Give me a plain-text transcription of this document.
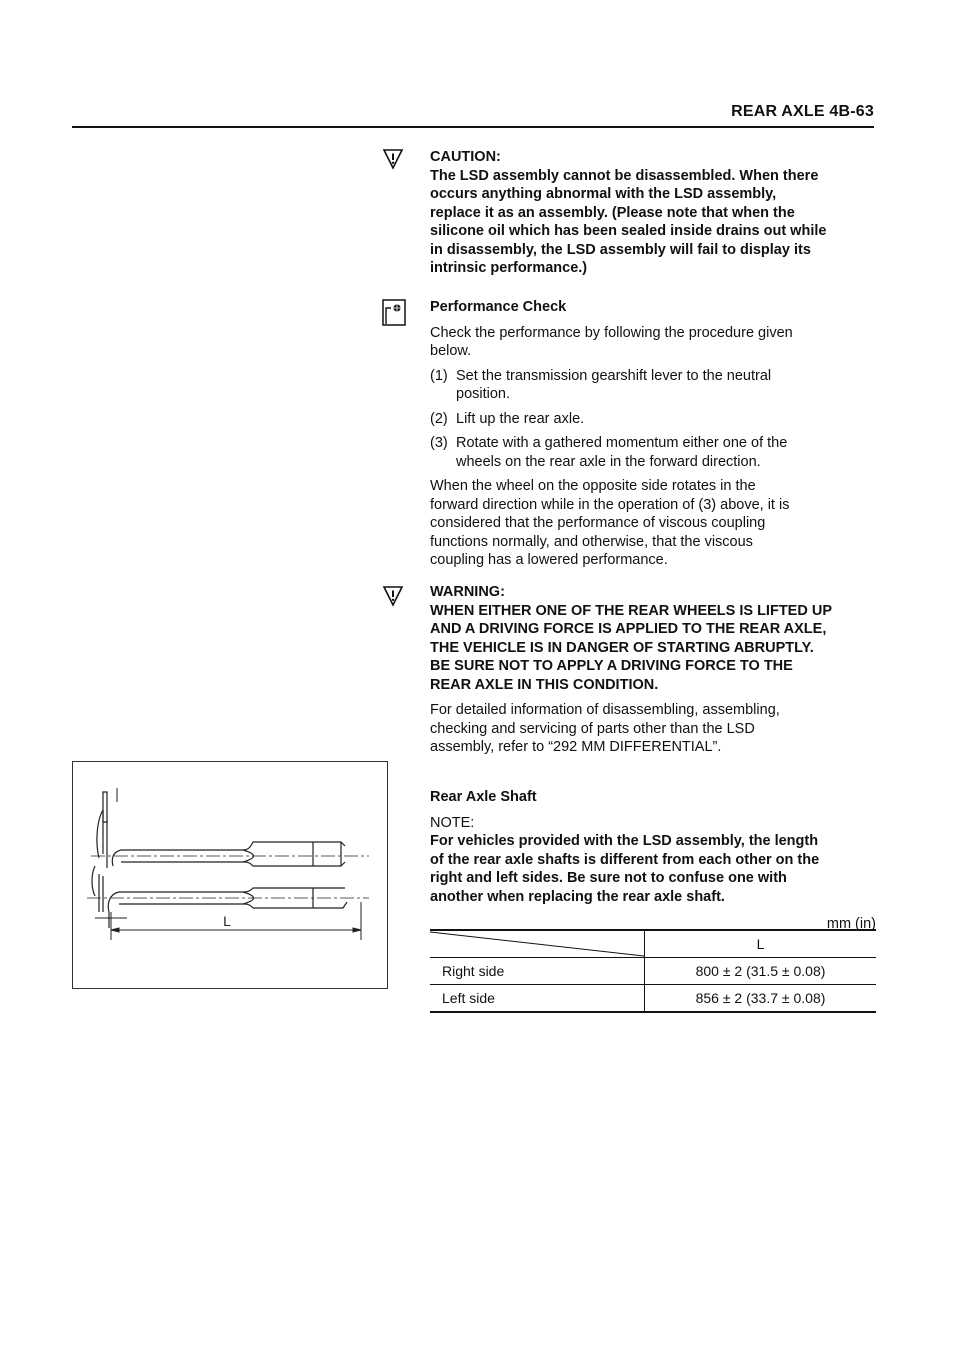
REAR AXLE 4B-63

CAUTION:

The LSD assembly cannot be disassembled. When there

occurs anything abnormal with the LSD assembly,

replace it as an assembly. (Please note that when the

silicone oil which has been sealed inside drains out while

in disassembly, the LSD assembly will fail to display its

intrinsic performance.)

Performance Check

Check the performance by following the procedure given

below.

(1) Set the transmission gearshift lever to the neutral

position.

(2) Lift up the rear axle.

(3) Rotate with a gathered momentum either one of the

wheels on the rear axle in the forward direction.

When the wheel on the opposite side rotates in the

forward direction while in the operation of (3) above, it is

considered that the performance of viscous coupling

functions normally, and otherwise, that the viscous

coupling has a lowered performance.

WARNING:

WHEN EITHER ONE OF THE REAR WHEELS IS LIFTED UP

AND A DRIVING FORCE IS APPLIED TO THE REAR AXLE,

THE VEHICLE IS IN DANGER OF STARTING ABRUPTLY.

BE SURE NOT TO APPLY A DRIVING FORCE TO THE

REAR AXLE IN THIS CONDITION.

For detailed information of disassembling, assembling,

checking and servicing of parts other than the LSD

assembly, refer to “292 MM DIFFERENTIAL”.

Rear Axle Shaft

NOTE:

For vehicles provided with the LSD assembly, the length

of the rear axle shafts is different from each other on the

right and left sides. Be sure not to confuse one with

another when replacing the rear axle shaft.

mm (in)

	L
Right side	800 ± 2 (31.5 ± 0.08)
Left side	856 ± 2 (33.7 ± 0.08)
L
